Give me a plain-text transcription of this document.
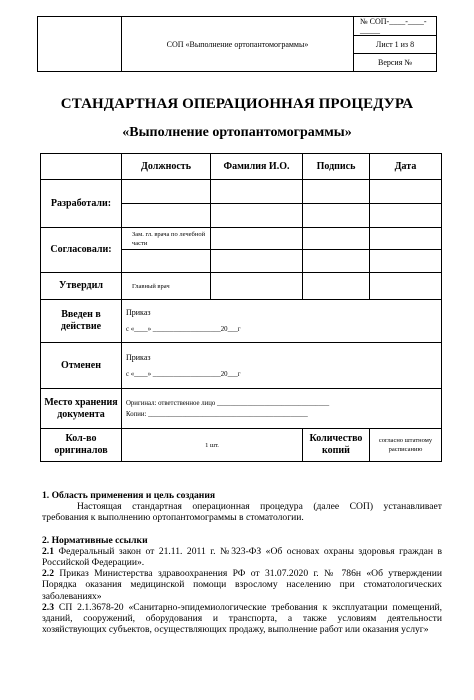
	СОП «Выполнение ортопантомограммы»	№ СОП-____-____-_____
Лист 1 из 8
Версия №
СТАНДАРТНАЯ ОПЕРАЦИОННАЯ ПРОЦЕДУРА
«Выполнение ортопантомограммы»
	Должность	Фамилия И.О.	Подпись	Дата
Разработали:				

Согласовали:	Зам. гл. врача по лечебной части			

Утвердил	Главный врач			
Введен в действие	Приказ
с «____» ____________________20___г			

Отменен	Приказ
с «____» ____________________20___г			

Место хранения документа	Оригинал: ответственное лицо _________________________________
Копии: _______________________________________________			

Кол-во оригиналов	1 шт.		Количество копий	согласно штатному расписанию

1. Область применения и цель создания

Настоящая стандартная операционная процедура (далее СОП) устанавливает требования к выполнению ортопантомограммы в стоматологии.

2. Нормативные ссылки

2.1 Федеральный закон от 21.11. 2011 г. №323-ФЗ «Об основах охраны здоровья граждан в Российской Федерации».

2.2 Приказ Министерства здравоохранения РФ от 31.07.2020 г. № 786н «Об утверждении Порядка оказания медицинской помощи взрослому населению при стоматологических заболеваниях»

2.3 СП 2.1.3678-20 «Санитарно-эпидемиологические требования к эксплуатации помещений, зданий, сооружений, оборудования и транспорта, а также условиям деятельности хозяйствующих субъектов, осуществляющих продажу, выполнение работ или оказания услуг»
